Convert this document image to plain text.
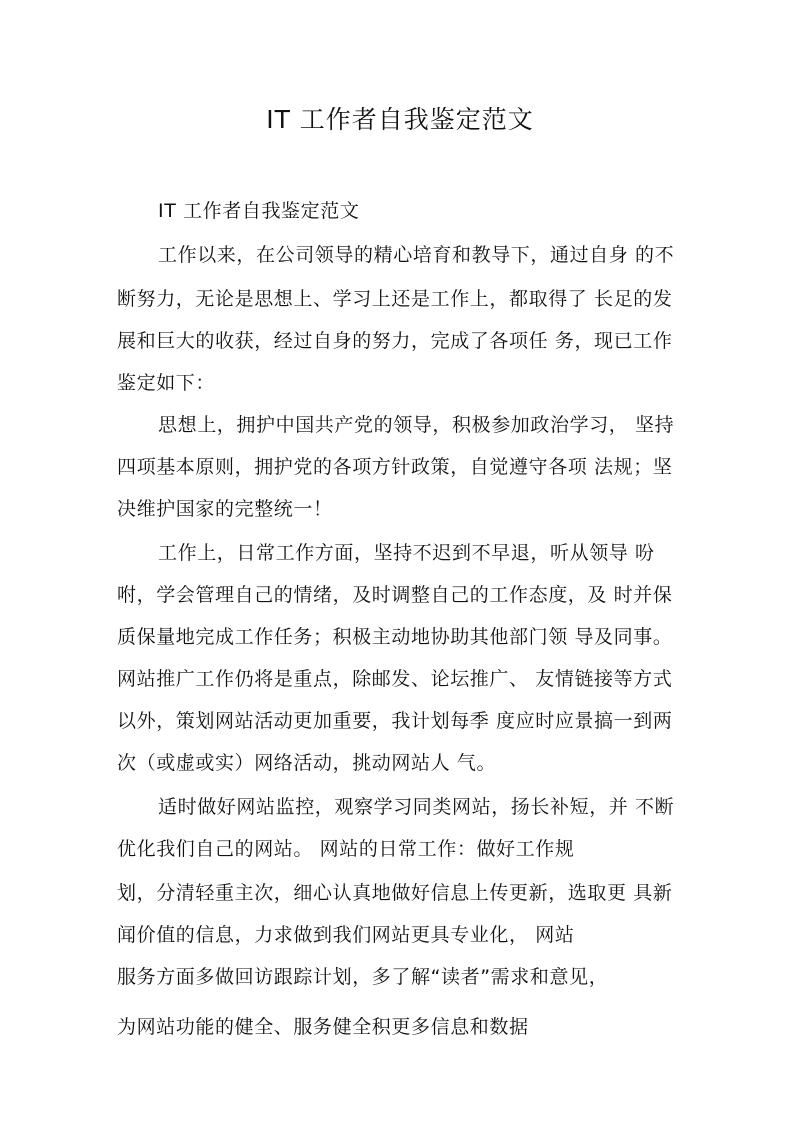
IT 工作者自我鉴定范文
IT 工作者自我鉴定范文
工作以来，在公司领导的精心培育和教导下，通过自身 的不
断努力，无论是思想上、学习上还是工作上，都取得了 长足的发
展和巨大的收获，经过自身的努力，完成了各项任 务，现已工作
鉴定如下：
思想上，拥护中国共产党的领导，积极参加政治学习， 坚持
四项基本原则，拥护党的各项方针政策，自觉遵守各项 法规；坚
决维护国家的完整统一！
工作上，日常工作方面，坚持不迟到不早退，听从领导 吩
咐，学会管理自己的情绪，及时调整自己的工作态度，及 时并保
质保量地完成工作任务；积极主动地协助其他部门领 导及同事。
网站推广工作仍将是重点，除邮发、论坛推广、 友情链接等方式
以外，策划网站活动更加重要，我计划每季 度应时应景搞一到两
次（或虚或实）网络活动，挑动网站人 气。
适时做好网站监控，观察学习同类网站，扬长补短，并 不断
优化我们自己的网站。 网站的日常工作：做好工作规
划，分清轻重主次，细心认真地做好信息上传更新，选取更 具新
闻价值的信息，力求做到我们网站更具专业化， 网站
服务方面多做回访跟踪计划，多了解“读者”需求和意见，
为网站功能的健全、服务健全积更多信息和数据
